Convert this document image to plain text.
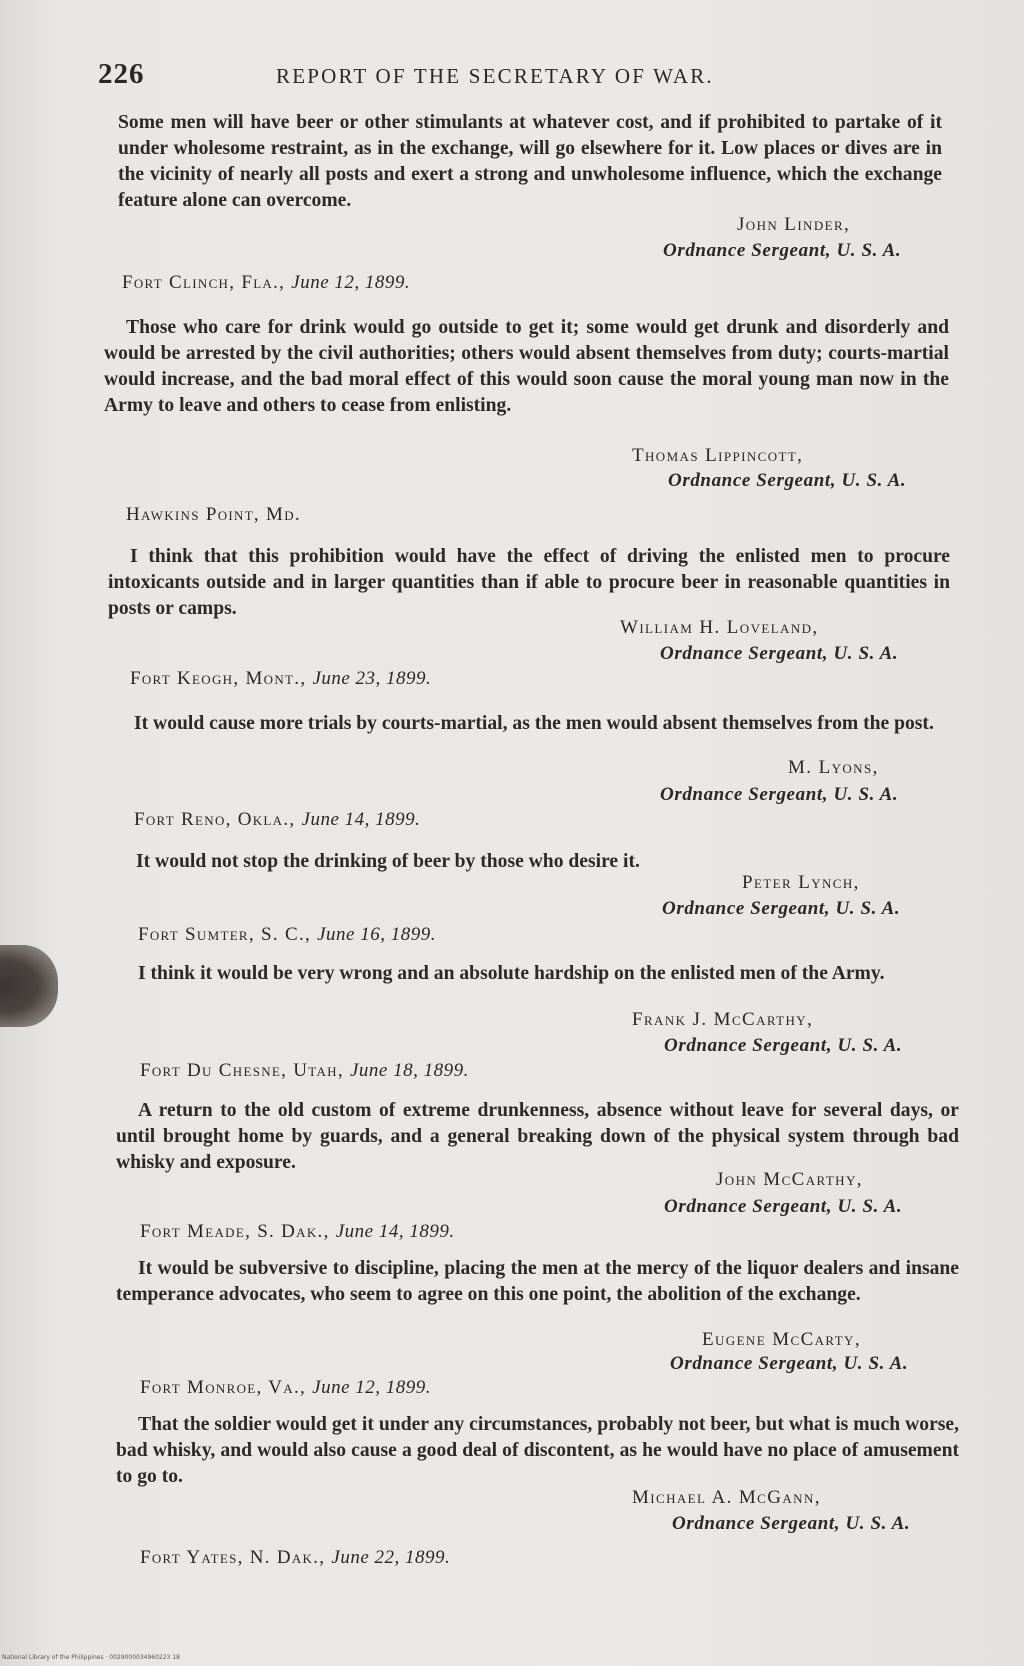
226	REPORT OF THE SECRETARY OF WAR.
Some men will have beer or other stimulants at whatever cost, and if prohibited to partake of it under wholesome restraint, as in the exchange, will go elsewhere for it. Low places or dives are in the vicinity of nearly all posts and exert a strong and unwholesome influence, which the exchange feature alone can overcome.
John Linder,
Ordnance Sergeant, U. S. A.
Fort Clinch, Fla., June 12, 1899.
Those who care for drink would go outside to get it; some would get drunk and disorderly and would be arrested by the civil authorities; others would absent themselves from duty; courts-martial would increase, and the bad moral effect of this would soon cause the moral young man now in the Army to leave and others to cease from enlisting.
Thomas Lippincott,
Ordnance Sergeant, U. S. A.
Hawkins Point, Md.
I think that this prohibition would have the effect of driving the enlisted men to procure intoxicants outside and in larger quantities than if able to procure beer in reasonable quantities in posts or camps.
William H. Loveland,
Ordnance Sergeant, U. S. A.
Fort Keogh, Mont., June 23, 1899.
It would cause more trials by courts-martial, as the men would absent themselves from the post.
M. Lyons,
Ordnance Sergeant, U. S. A.
Fort Reno, Okla., June 14, 1899.
It would not stop the drinking of beer by those who desire it.
Peter Lynch,
Ordnance Sergeant, U. S. A.
Fort Sumter, S. C., June 16, 1899.
I think it would be very wrong and an absolute hardship on the enlisted men of the Army.
Frank J. McCarthy,
Ordnance Sergeant, U. S. A.
Fort Du Chesne, Utah, June 18, 1899.
A return to the old custom of extreme drunkenness, absence without leave for several days, or until brought home by guards, and a general breaking down of the physical system through bad whisky and exposure.
John McCarthy,
Ordnance Sergeant, U. S. A.
Fort Meade, S. Dak., June 14, 1899.
It would be subversive to discipline, placing the men at the mercy of the liquor dealers and insane temperance advocates, who seem to agree on this one point, the abolition of the exchange.
Eugene McCarty,
Ordnance Sergeant, U. S. A.
Fort Monroe, Va., June 12, 1899.
That the soldier would get it under any circumstances, probably not beer, but what is much worse, bad whisky, and would also cause a good deal of discontent, as he would have no place of amusement to go to.
Michael A. McGann,
Ordnance Sergeant, U. S. A.
Fort Yates, N. Dak., June 22, 1899.
National Library of the Philippines · 0029000034960223 18
